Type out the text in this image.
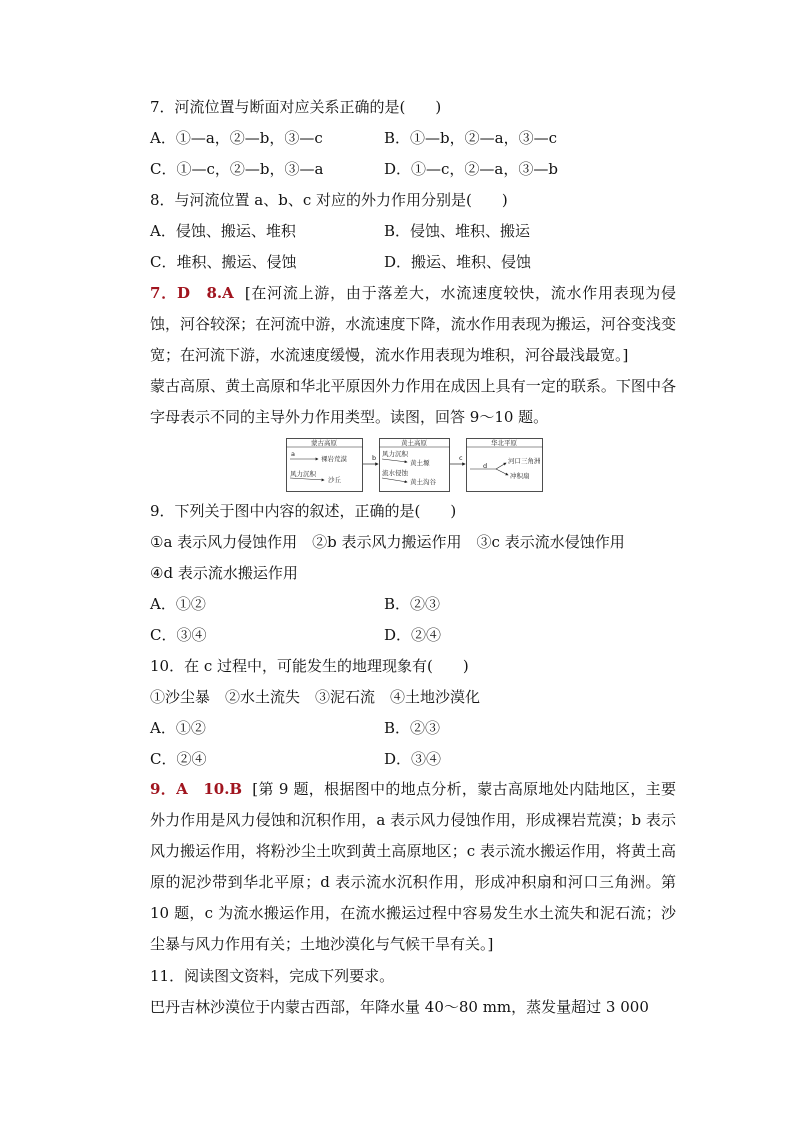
7．河流位置与断面对应关系正确的是(　　)
A．①—a，②—b，③—c	B．①—b，②—a，③—c
C．①—c，②—b，③—a	D．①—c，②—a，③—b
8．与河流位置 a、b、c 对应的外力作用分别是(　　)
A．侵蚀、搬运、堆积	B．侵蚀、堆积、搬运
C．堆积、搬运、侵蚀	D．搬运、堆积、侵蚀
7．D　8.A [在河流上游，由于落差大，水流速度较快，流水作用表现为侵蚀，河谷较深；在河流中游，水流速度下降，流水作用表现为搬运，河谷变浅变宽；在河流下游，水流速度缓慢，流水作用表现为堆积，河谷最浅最宽。]
蒙古高原、黄土高原和华北平原因外力作用在成因上具有一定的联系。下图中各字母表示不同的主导外力作用类型。读图，回答 9～10 题。
蒙古高原
a
裸岩荒漠
沙丘
风力沉积
b
黄土高原
风力沉积
黄土塬
流水侵蚀
黄土沟谷
c
华北平原
d
河口三角洲
冲积扇
9．下列关于图中内容的叙述，正确的是(　　)
①a 表示风力侵蚀作用　②b 表示风力搬运作用　③c 表示流水侵蚀作用
④d 表示流水搬运作用
A．①②	B．②③
C．③④	D．②④
10．在 c 过程中，可能发生的地理现象有(　　)
①沙尘暴　②水土流失　③泥石流　④土地沙漠化
A．①②	B．②③
C．②④	D．③④
9．A　10.B [第 9 题，根据图中的地点分析，蒙古高原地处内陆地区，主要外力作用是风力侵蚀和沉积作用，a 表示风力侵蚀作用，形成裸岩荒漠；b 表示风力搬运作用，将粉沙尘土吹到黄土高原地区；c 表示流水搬运作用，将黄土高原的泥沙带到华北平原；d 表示流水沉积作用，形成冲积扇和河口三角洲。第 10 题，c 为流水搬运作用，在流水搬运过程中容易发生水土流失和泥石流；沙尘暴与风力作用有关；土地沙漠化与气候干旱有关。]
11．阅读图文资料，完成下列要求。
巴丹吉林沙漠位于内蒙古西部，年降水量 40～80 mm，蒸发量超过 3 000
